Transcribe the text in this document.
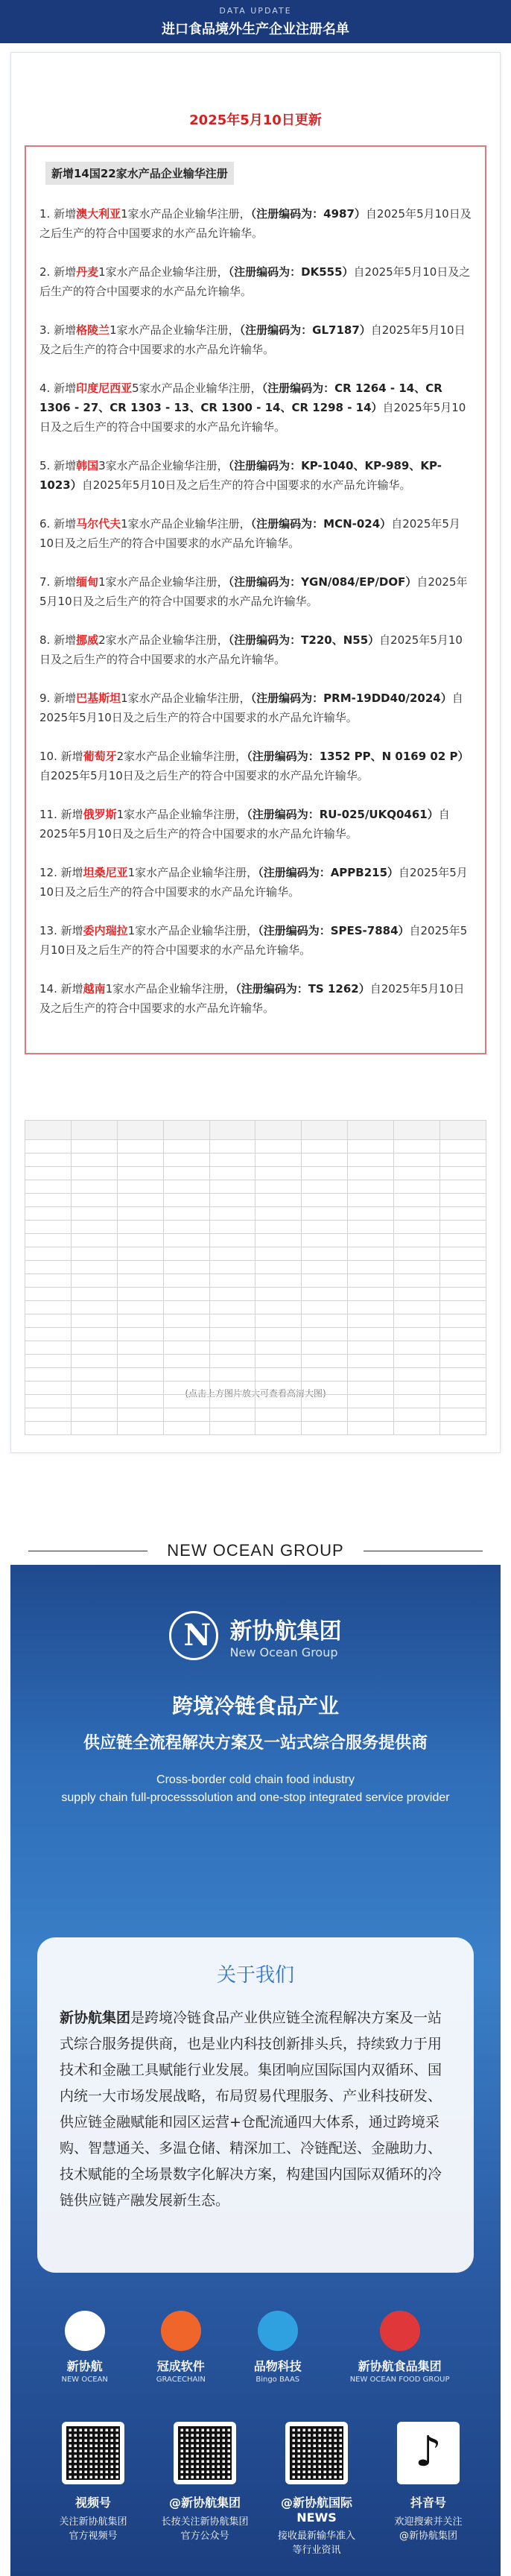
DATA UPDATE
进口食品境外生产企业注册名单
2025年5月10日更新
新增14国22家水产品企业输华注册
1. 新增澳大利亚1家水产品企业输华注册，（注册编码为：4987）自2025年5月10日及之后生产的符合中国要求的水产品允许输华。
2. 新增丹麦1家水产品企业输华注册，（注册编码为：DK555）自2025年5月10日及之后生产的符合中国要求的水产品允许输华。
3. 新增格陵兰1家水产品企业输华注册，（注册编码为：GL7187）自2025年5月10日及之后生产的符合中国要求的水产品允许输华。
4. 新增印度尼西亚5家水产品企业输华注册，（注册编码为：CR 1264 - 14、CR 1306 - 27、CR 1303 - 13、CR 1300 - 14、CR 1298 - 14）自2025年5月10日及之后生产的符合中国要求的水产品允许输华。
5. 新增韩国3家水产品企业输华注册，（注册编码为：KP-1040、KP-989、KP-1023）自2025年5月10日及之后生产的符合中国要求的水产品允许输华。
6. 新增马尔代夫1家水产品企业输华注册，（注册编码为：MCN-024）自2025年5月10日及之后生产的符合中国要求的水产品允许输华。
7. 新增缅甸1家水产品企业输华注册，（注册编码为：YGN/084/EP/DOF）自2025年5月10日及之后生产的符合中国要求的水产品允许输华。
8. 新增挪威2家水产品企业输华注册，（注册编码为：T220、N55）自2025年5月10日及之后生产的符合中国要求的水产品允许输华。
9. 新增巴基斯坦1家水产品企业输华注册，（注册编码为：PRM-19DD40/2024）自2025年5月10日及之后生产的符合中国要求的水产品允许输华。
10. 新增葡萄牙2家水产品企业输华注册，（注册编码为：1352 PP、N 0169 02 P）自2025年5月10日及之后生产的符合中国要求的水产品允许输华。
11. 新增俄罗斯1家水产品企业输华注册，（注册编码为：RU-025/UKQ0461）自2025年5月10日及之后生产的符合中国要求的水产品允许输华。
12. 新增坦桑尼亚1家水产品企业输华注册，（注册编码为：APPB215）自2025年5月10日及之后生产的符合中国要求的水产品允许输华。
13. 新增委内瑞拉1家水产品企业输华注册，（注册编码为：SPES-7884）自2025年5月10日及之后生产的符合中国要求的水产品允许输华。
14. 新增越南1家水产品企业输华注册，（注册编码为：TS 1262）自2025年5月10日及之后生产的符合中国要求的水产品允许输华。

(点击上方图片放大可查看高清大图)
NEW OCEAN GROUP
N
新协航集团
New Ocean Group
跨境冷链食品产业
供应链全流程解决方案及一站式综合服务提供商
Cross-border cold chain food industry
supply chain full-processsolution and one-stop integrated service provider
关于我们
新协航集团是跨境冷链食品产业供应链全流程解决方案及一站式综合服务提供商，也是业内科技创新排头兵，持续致力于用技术和金融工具赋能行业发展。集团响应国际国内双循环、国内统一大市场发展战略，布局贸易代理服务、产业科技研发、供应链金融赋能和园区运营+仓配流通四大体系，通过跨境采购、智慧通关、多温仓储、精深加工、冷链配送、金融助力、技术赋能的全场景数字化解决方案，构建国内国际双循环的冷链供应链产融发展新生态。
新协航
NEW OCEAN
冠成软件
GRACECHAIN
品物科技
Bingo BAAS
新协航食品集团
NEW OCEAN FOOD GROUP
视频号
关注新协航集团
官方视频号
@新协航集团
长按关注新协航集团
官方公众号
@新协航国际NEWS
接收最新输华准入
等行业资讯
♪
抖音号
欢迎搜索并关注
@新协航集团
